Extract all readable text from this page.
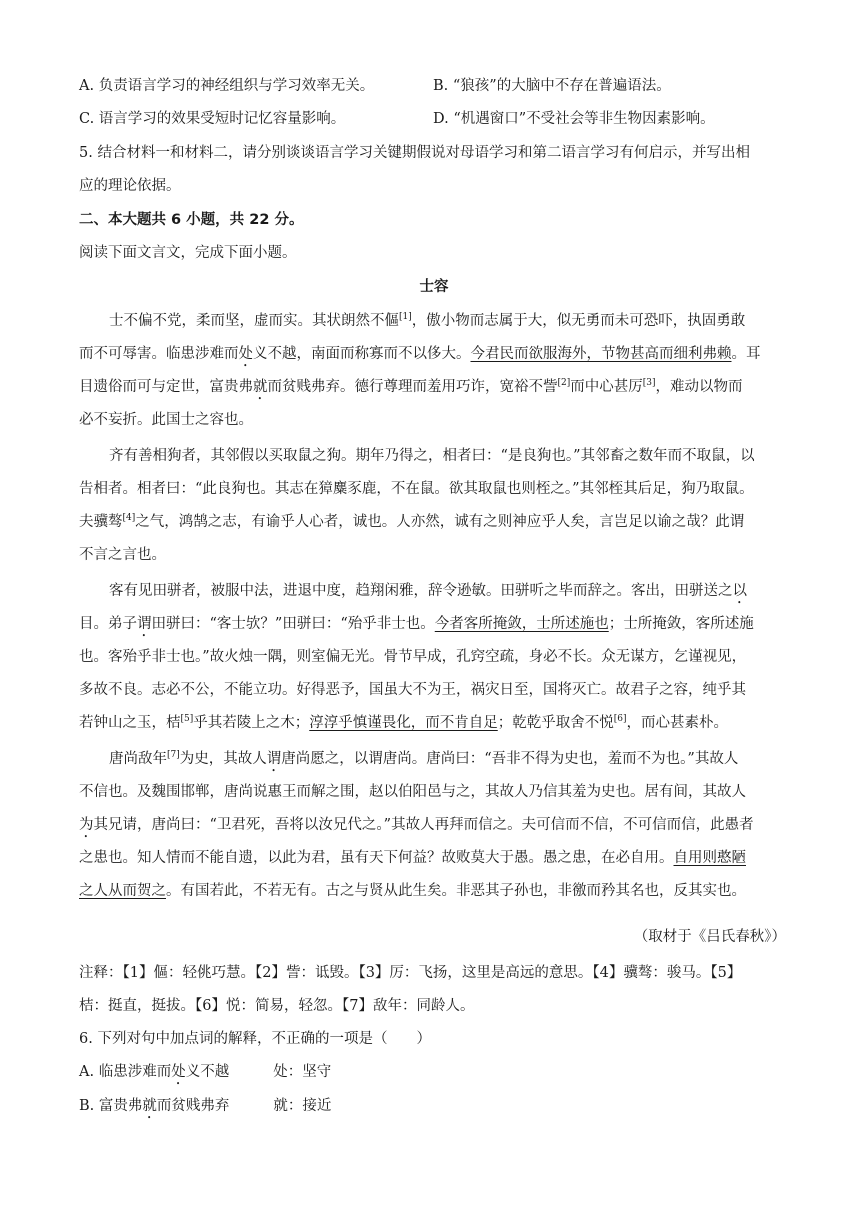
A. 负责语言学习的神经组织与学习效率无关。	B. “狼孩”的大脑中不存在普遍语法。
C. 语言学习的效果受短时记忆容量影响。	D. “机遇窗口”不受社会等非生物因素影响。
5. 结合材料一和材料二，请分别谈谈语言学习关键期假说对母语学习和第二语言学习有何启示，并写出相
应的理论依据。
二、本大题共 6 小题，共 22 分。
阅读下面文言文，完成下面小题。
士容
士不偏不党，柔而坚，虚而实。其状朗然不傴[1]，傲小物而志属于大，似无勇而未可恐吓，执固勇敢
而不可辱害。临患涉难而处义不越，南面而称寡而不以侈大。今君民而欲服海外，节物甚高而细利弗赖。耳
目遗俗而可与定世，富贵弗就而贫贱弗弃。德行尊理而羞用巧诈，宽裕不訾[2]而中心甚厉[3]，难动以物而
必不妄折。此国士之容也。
齐有善相狗者，其邻假以买取鼠之狗。期年乃得之，相者曰：“是良狗也。”其邻畜之数年而不取鼠，以
告相者。相者曰：“此良狗也。其志在獐麋豕鹿，不在鼠。欲其取鼠也则桎之。”其邻桎其后足，狗乃取鼠。
夫骥骜[4]之气，鸿鹄之志，有谕乎人心者，诚也。人亦然，诚有之则神应乎人矣，言岂足以谕之哉？此谓
不言之言也。
客有见田骈者，被服中法，进退中度，趋翔闲雅，辞令逊敏。田骈听之毕而辞之。客出，田骈送之以
目。弟子谓田骈曰：“客士欤？”田骈曰：“殆乎非士也。今者客所掩敛，士所述施也；士所掩敛，客所述施
也。客殆乎非士也。”故火烛一隅，则室偏无光。骨节早成，孔窍空疏，身必不长。众无谋方，乞谨视见，
多故不良。志必不公，不能立功。好得恶予，国虽大不为王，祸灾日至，国将灭亡。故君子之容，纯乎其
若钟山之玉，桔[5]乎其若陵上之木；淳淳乎慎谨畏化，而不肯自足；乾乾乎取舍不悦[6]，而心甚素朴。
唐尚敌年[7]为史，其故人谓唐尚愿之，以谓唐尚。唐尚曰：“吾非不得为史也，羞而不为也。”其故人
不信也。及魏围邯郸，唐尚说惠王而解之围，赵以伯阳邑与之，其故人乃信其羞为史也。居有间，其故人
为其兄请，唐尚曰：“卫君死，吾将以汝兄代之。”其故人再拜而信之。夫可信而不信，不可信而信，此愚者
之患也。知人情而不能自遗，以此为君，虽有天下何益？故败莫大于愚。愚之患，在必自用。自用则憨陋
之人从而贺之。有国若此，不若无有。古之与贤从此生矣。非恶其子孙也，非徼而矜其名也，反其实也。
（取材于《吕氏春秋》）
注释：【1】傴：轻佻巧慧。【2】訾：诋毁。【3】厉：飞扬，这里是高远的意思。【4】骥骜：骏马。【5】
桔：挺直，挺拔。【6】悦：简易，轻忽。【7】敌年：同龄人。
6. 下列对句中加点词的解释，不正确的一项是（　　）
A. 临患涉难而处义不越	处：坚守
B. 富贵弗就而贫贱弗弃	就：接近
